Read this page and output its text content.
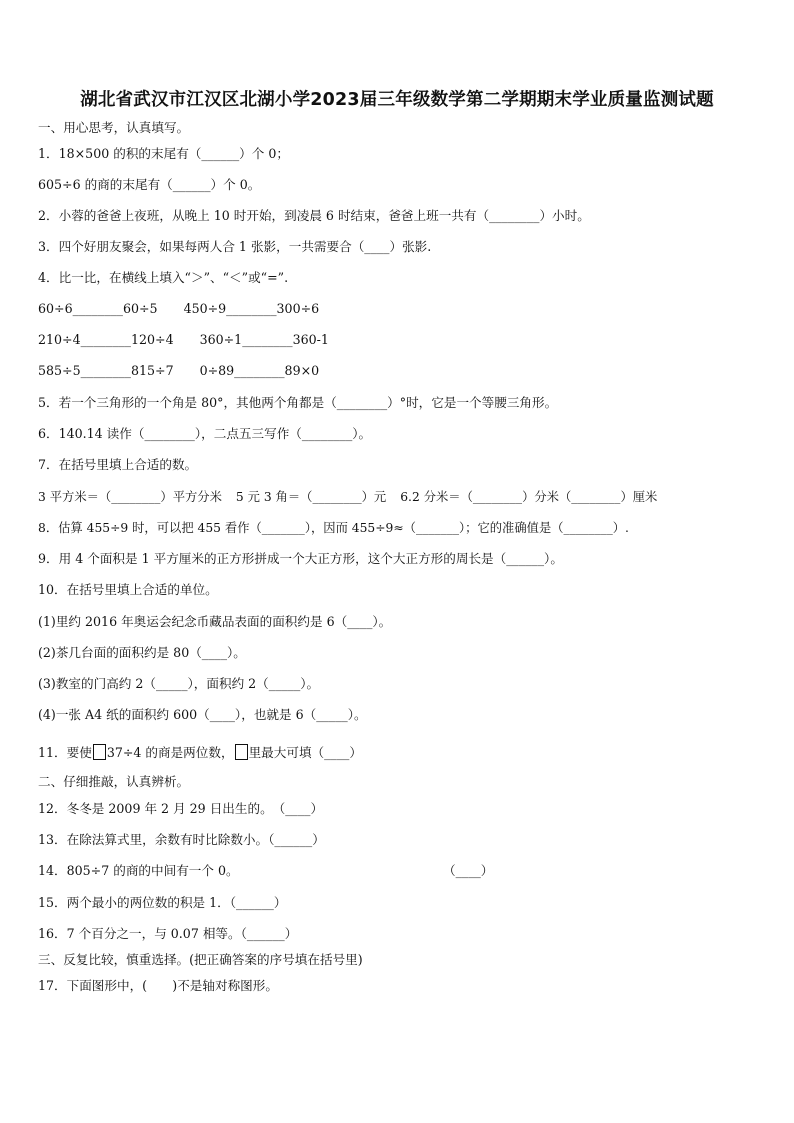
湖北省武汉市江汉区北湖小学2023届三年级数学第二学期期末学业质量监测试题
一、用心思考，认真填写。
1．18×500 的积的末尾有（______）个 0；
605÷6 的商的末尾有（______）个 0。
2．小蓉的爸爸上夜班，从晚上 10 时开始，到凌晨 6 时结束，爸爸上班一共有（________）小时。
3．四个好朋友聚会，如果每两人合 1 张影，一共需要合（____）张影.
4．比一比，在横线上填入“＞”、“＜”或“=”.
60÷6________60÷5 450÷9________300÷6
210÷4________120÷4 360÷1________360-1
585÷5________815÷7 0÷89________89×0
5．若一个三角形的一个角是 80°，其他两个角都是（________）°时，它是一个等腰三角形。
6．140.14 读作（________），二点五三写作（________）。
7．在括号里填上合适的数。
3 平方米＝（________）平方分米 5 元 3 角＝（________）元 6.2 分米＝（________）分米（________）厘米
8．估算 455÷9 时，可以把 455 看作（_______），因而 455÷9≈（_______）；它的准确值是（________）.
9．用 4 个面积是 1 平方厘米的正方形拼成一个大正方形，这个大正方形的周长是（______）。
10．在括号里填上合适的单位。
(1)里约 2016 年奥运会纪念币藏品表面的面积约是 6（____）。
(2)茶几台面的面积约是 80（____）。
(3)教室的门高约 2（_____），面积约 2（_____）。
(4)一张 A4 纸的面积约 600（____），也就是 6（_____）。
11．要使 37÷4 的商是两位数， 里最大可填（____）
二、仔细推敲，认真辨析。
12．冬冬是 2009 年 2 月 29 日出生的。　（____）
13．在除法算式里，余数有时比除数小。（______）
14．805÷7 的商的中间有一个 0。	（____）
15．两个最小的两位数的积是 1．（______）
16．7 个百分之一，与 0.07 相等。（______）
三、反复比较，慎重选择。(把正确答案的序号填在括号里)
17．下面图形中，(　　)不是轴对称图形。
